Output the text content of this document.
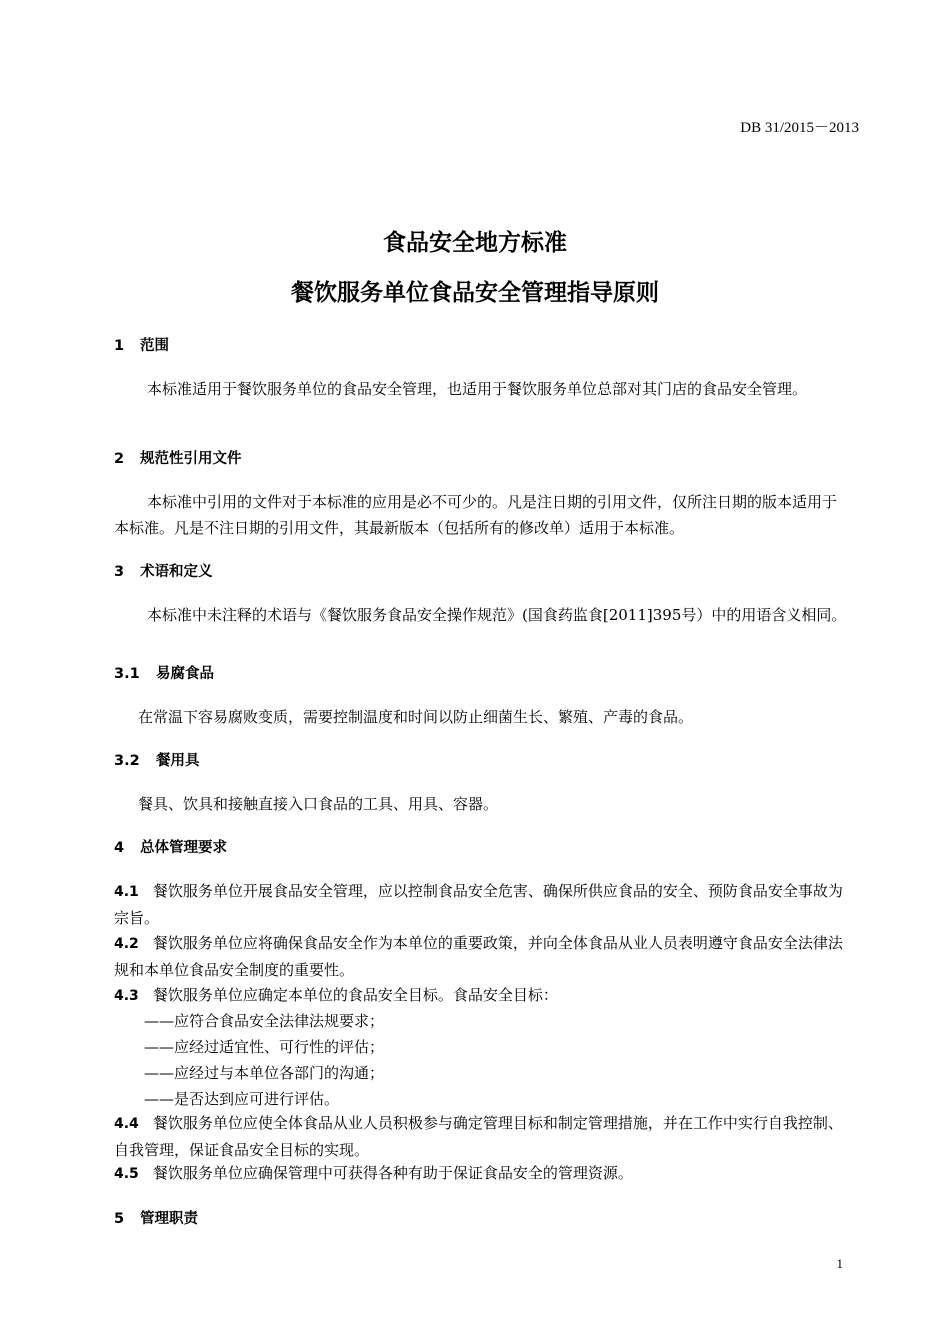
DB 31/2015－2013
食品安全地方标准
餐饮服务单位食品安全管理指导原则
1 范围
本标准适用于餐饮服务单位的食品安全管理，也适用于餐饮服务单位总部对其门店的食品安全管理。
2 规范性引用文件
本标准中引用的文件对于本标准的应用是必不可少的。凡是注日期的引用文件，仅所注日期的版本适用于本标准。凡是不注日期的引用文件，其最新版本（包括所有的修改单）适用于本标准。
3 术语和定义
本标准中未注释的术语与《餐饮服务食品安全操作规范》(国食药监食[2011]395号）中的用语含义相同。
3.1 易腐食品
在常温下容易腐败变质，需要控制温度和时间以防止细菌生长、繁殖、产毒的食品。
3.2 餐用具
餐具、饮具和接触直接入口食品的工具、用具、容器。
4 总体管理要求
4.1 餐饮服务单位开展食品安全管理，应以控制食品安全危害、确保所供应食品的安全、预防食品安全事故为宗旨。
4.2 餐饮服务单位应将确保食品安全作为本单位的重要政策，并向全体食品从业人员表明遵守食品安全法律法规和本单位食品安全制度的重要性。
4.3 餐饮服务单位应确定本单位的食品安全目标。食品安全目标：
——应符合食品安全法律法规要求；
——应经过适宜性、可行性的评估；
——应经过与本单位各部门的沟通；
——是否达到应可进行评估。
4.4 餐饮服务单位应使全体食品从业人员积极参与确定管理目标和制定管理措施，并在工作中实行自我控制、自我管理，保证食品安全目标的实现。
4.5 餐饮服务单位应确保管理中可获得各种有助于保证食品安全的管理资源。
5 管理职责
1
